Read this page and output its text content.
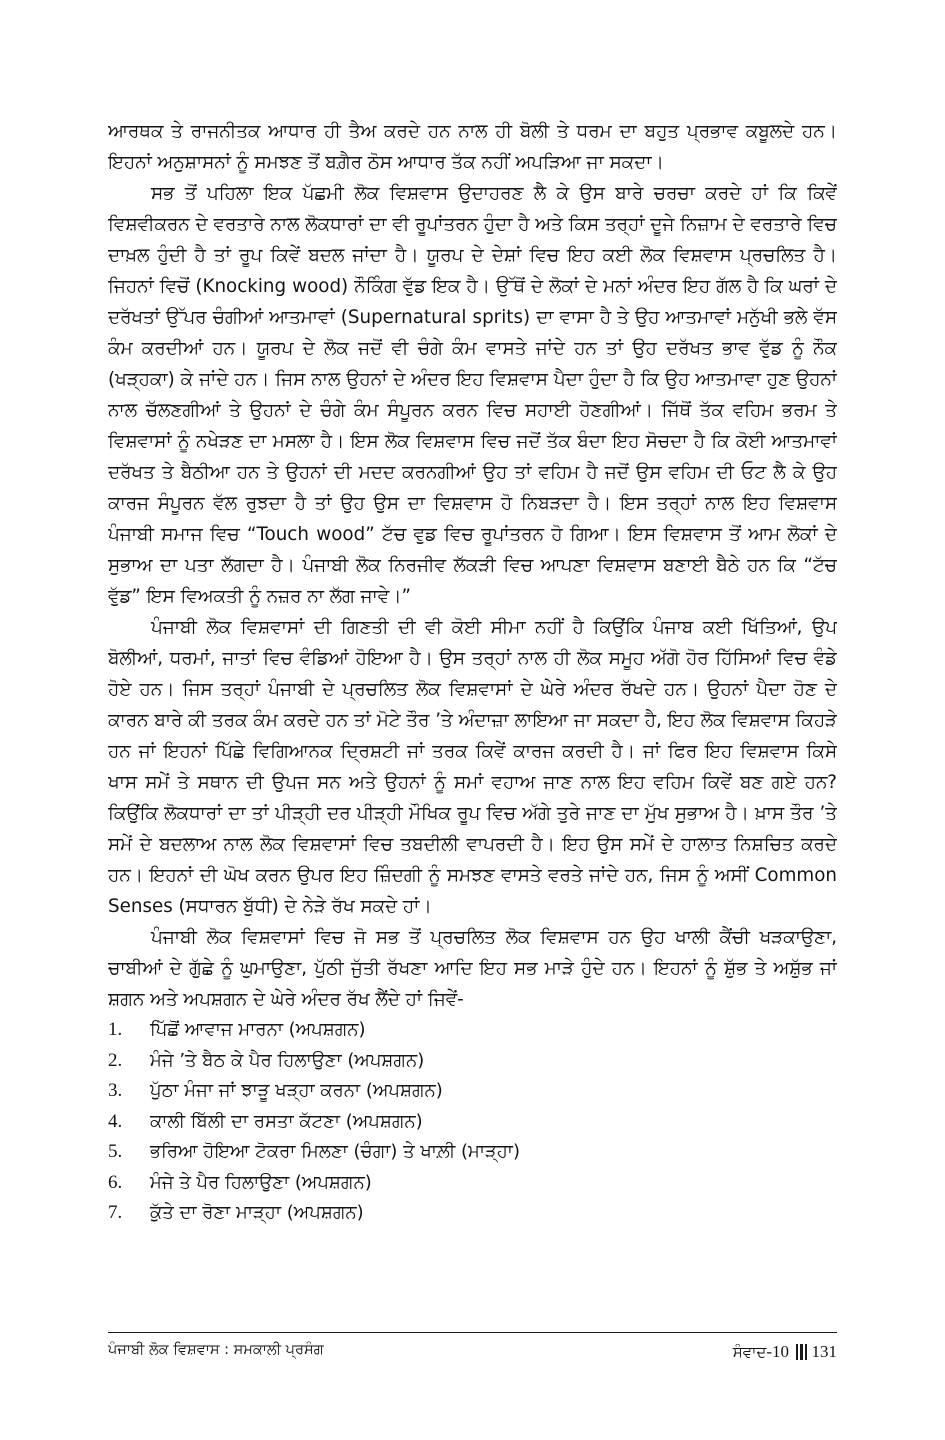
ਆਰਥਕ ਤੇ ਰਾਜਨੀਤਕ ਆਧਾਰ ਹੀ ਤੈਅ ਕਰਦੇ ਹਨ ਨਾਲ ਹੀ ਬੋਲੀ ਤੇ ਧਰਮ ਦਾ ਬਹੁਤ ਪ੍ਰਭਾਵ ਕਬੂਲਦੇ ਹਨ। ਇਹਨਾਂ ਅਨੁਸ਼ਾਸਨਾਂ ਨੂੰ ਸਮਝਣ ਤੋਂ ਬਗ਼ੈਰ ਠੋਸ ਆਧਾਰ ਤੱਕ ਨਹੀਂ ਅਪੜਿਆ ਜਾ ਸਕਦਾ।

ਸਭ ਤੋਂ ਪਹਿਲਾ ਇਕ ਪੱਛਮੀ ਲੋਕ ਵਿਸ਼ਵਾਸ ਉਦਾਹਰਣ ਲੈ ਕੇ ਉਸ ਬਾਰੇ ਚਰਚਾ ਕਰਦੇ ਹਾਂ ਕਿ ਕਿਵੇਂ ਵਿਸ਼ਵੀਕਰਨ ਦੇ ਵਰਤਾਰੇ ਨਾਲ ਲੋਕਧਾਰਾਂ ਦਾ ਵੀ ਰੂਪਾਂਤਰਨ ਹੁੰਦਾ ਹੈ ਅਤੇ ਕਿਸ ਤਰ੍ਹਾਂ ਦੂਜੇ ਨਿਜ਼ਾਮ ਦੇ ਵਰਤਾਰੇ ਵਿਚ ਦਾਖ਼ਲ ਹੁੰਦੀ ਹੈ ਤਾਂ ਰੂਪ ਕਿਵੇਂ ਬਦਲ ਜਾਂਦਾ ਹੈ। ਯੂਰਪ ਦੇ ਦੇਸ਼ਾਂ ਵਿਚ ਇਹ ਕਈ ਲੋਕ ਵਿਸ਼ਵਾਸ ਪ੍ਰਚਲਿਤ ਹੈ। ਜਿਹਨਾਂ ਵਿਚੋਂ (Knocking wood) ਨੌਕਿੰਗ ਵੁੱਡ ਇਕ ਹੈ। ਉੱਥੋਂ ਦੇ ਲੋਕਾਂ ਦੇ ਮਨਾਂ ਅੰਦਰ ਇਹ ਗੱਲ ਹੈ ਕਿ ਘਰਾਂ ਦੇ ਦਰੱਖਤਾਂ ਉੱਪਰ ਚੰਗੀਆਂ ਆਤਮਾਵਾਂ (Supernatural sprits) ਦਾ ਵਾਸਾ ਹੈ ਤੇ ਉਹ ਆਤਮਾਵਾਂ ਮਨੁੱਖੀ ਭਲੇ ਵੱਸ ਕੰਮ ਕਰਦੀਆਂ ਹਨ। ਯੂਰਪ ਦੇ ਲੋਕ ਜਦੋਂ ਵੀ ਚੰਗੇ ਕੰਮ ਵਾਸਤੇ ਜਾਂਦੇ ਹਨ ਤਾਂ ਉਹ ਦਰੱਖਤ ਭਾਵ ਵੁੱਡ ਨੂੰ ਨੌਕ (ਖੜ੍ਹਕਾ) ਕੇ ਜਾਂਦੇ ਹਨ। ਜਿਸ ਨਾਲ ਉਹਨਾਂ ਦੇ ਅੰਦਰ ਇਹ ਵਿਸ਼ਵਾਸ ਪੈਦਾ ਹੁੰਦਾ ਹੈ ਕਿ ਉਹ ਆਤਮਾਵਾ ਹੁਣ ਉਹਨਾਂ ਨਾਲ ਚੱਲਣਗੀਆਂ ਤੇ ਉਹਨਾਂ ਦੇ ਚੰਗੇ ਕੰਮ ਸੰਪੂਰਨ ਕਰਨ ਵਿਚ ਸਹਾਈ ਹੋਣਗੀਆਂ। ਜਿੱਥੋਂ ਤੱਕ ਵਹਿਮ ਭਰਮ ਤੇ ਵਿਸ਼ਵਾਸਾਂ ਨੂੰ ਨਖੇੜਣ ਦਾ ਮਸਲਾ ਹੈ। ਇਸ ਲੋਕ ਵਿਸ਼ਵਾਸ ਵਿਚ ਜਦੋਂ ਤੱਕ ਬੰਦਾ ਇਹ ਸੋਚਦਾ ਹੈ ਕਿ ਕੋਈ ਆਤਮਾਵਾਂ ਦਰੱਖਤ ਤੇ ਬੈਠੀਆ ਹਨ ਤੇ ਉਹਨਾਂ ਦੀ ਮਦਦ ਕਰਨਗੀਆਂ ਉਹ ਤਾਂ ਵਹਿਮ ਹੈ ਜਦੋਂ ਉਸ ਵਹਿਮ ਦੀ ਓਟ ਲੈ ਕੇ ਉਹ ਕਾਰਜ ਸੰਪੂਰਨ ਵੱਲ ਰੁਝਦਾ ਹੈ ਤਾਂ ਉਹ ਉਸ ਦਾ ਵਿਸ਼ਵਾਸ ਹੋ ਨਿਬੜਦਾ ਹੈ। ਇਸ ਤਰ੍ਹਾਂ ਨਾਲ ਇਹ ਵਿਸ਼ਵਾਸ ਪੰਜਾਬੀ ਸਮਾਜ ਵਿਚ “Touch wood” ਟੱਚ ਵੁਡ ਵਿਚ ਰੂਪਾਂਤਰਨ ਹੋ ਗਿਆ। ਇਸ ਵਿਸ਼ਵਾਸ ਤੋਂ ਆਮ ਲੋਕਾਂ ਦੇ ਸੁਭਾਅ ਦਾ ਪਤਾ ਲੱਗਦਾ ਹੈ। ਪੰਜਾਬੀ ਲੋਕ ਨਿਰਜੀਵ ਲੱਕੜੀ ਵਿਚ ਆਪਣਾ ਵਿਸ਼ਵਾਸ ਬਣਾਈ ਬੈਠੇ ਹਨ ਕਿ “ਟੱਚ ਵੁੱਡ” ਇਸ ਵਿਅਕਤੀ ਨੂੰ ਨਜ਼ਰ ਨਾ ਲੱਗ ਜਾਵੇ।”

ਪੰਜਾਬੀ ਲੋਕ ਵਿਸ਼ਵਾਸਾਂ ਦੀ ਗਿਣਤੀ ਦੀ ਵੀ ਕੋਈ ਸੀਮਾ ਨਹੀਂ ਹੈ ਕਿਉਂਕਿ ਪੰਜਾਬ ਕਈ ਖਿੱਤਿਆਂ, ਉਪ ਬੋਲੀਆਂ, ਧਰਮਾਂ, ਜਾਤਾਂ ਵਿਚ ਵੰਡਿਆਂ ਹੋਇਆ ਹੈ। ਉਸ ਤਰ੍ਹਾਂ ਨਾਲ ਹੀ ਲੋਕ ਸਮੂਹ ਅੱਗੋ ਹੋਰ ਹਿੱਸਿਆਂ ਵਿਚ ਵੰਡੇ ਹੋਏ ਹਨ। ਜਿਸ ਤਰ੍ਹਾਂ ਪੰਜਾਬੀ ਦੇ ਪ੍ਰਚਲਿਤ ਲੋਕ ਵਿਸ਼ਵਾਸਾਂ ਦੇ ਘੇਰੇ ਅੰਦਰ ਰੱਖਦੇ ਹਨ। ਉਹਨਾਂ ਪੈਦਾ ਹੋਣ ਦੇ ਕਾਰਨ ਬਾਰੇ ਕੀ ਤਰਕ ਕੰਮ ਕਰਦੇ ਹਨ ਤਾਂ ਮੋਟੇ ਤੌਰ ’ਤੇ ਅੰਦਾਜ਼ਾ ਲਾਇਆ ਜਾ ਸਕਦਾ ਹੈ, ਇਹ ਲੋਕ ਵਿਸ਼ਵਾਸ ਕਿਹੜੇ ਹਨ ਜਾਂ ਇਹਨਾਂ ਪਿੱਛੇ ਵਿਗਿਆਨਕ ਦ੍ਰਿਸ਼ਟੀ ਜਾਂ ਤਰਕ ਕਿਵੇਂ ਕਾਰਜ ਕਰਦੀ ਹੈ। ਜਾਂ ਫਿਰ ਇਹ ਵਿਸ਼ਵਾਸ ਕਿਸੇ ਖਾਸ ਸਮੇਂ ਤੇ ਸਥਾਨ ਦੀ ਉਪਜ ਸਨ ਅਤੇ ਉਹਨਾਂ ਨੂੰ ਸਮਾਂ ਵਹਾਅ ਜਾਣ ਨਾਲ ਇਹ ਵਹਿਮ ਕਿਵੇਂ ਬਣ ਗਏ ਹਨ? ਕਿਉਂਕਿ ਲੋਕਧਾਰਾਂ ਦਾ ਤਾਂ ਪੀੜ੍ਹੀ ਦਰ ਪੀੜ੍ਹੀ ਮੌਖਿਕ ਰੂਪ ਵਿਚ ਅੱਗੇ ਤੁਰੇ ਜਾਣ ਦਾ ਮੁੱਖ ਸੁਭਾਅ ਹੈ। ਖ਼ਾਸ ਤੌਰ ’ਤੇ ਸਮੇਂ ਦੇ ਬਦਲਾਅ ਨਾਲ ਲੋਕ ਵਿਸ਼ਵਾਸਾਂ ਵਿਚ ਤਬਦੀਲੀ ਵਾਪਰਦੀ ਹੈ। ਇਹ ਉਸ ਸਮੇਂ ਦੇ ਹਾਲਾਤ ਨਿਸ਼ਚਿਤ ਕਰਦੇ ਹਨ। ਇਹਨਾਂ ਦੀ ਘੋਖ ਕਰਨ ਉਪਰ ਇਹ ਜ਼ਿੰਦਗੀ ਨੂੰ ਸਮਝਣ ਵਾਸਤੇ ਵਰਤੇ ਜਾਂਦੇ ਹਨ, ਜਿਸ ਨੂੰ ਅਸੀਂ Common Senses (ਸਧਾਰਨ ਬੁੱਧੀ) ਦੇ ਨੇੜੇ ਰੱਖ ਸਕਦੇ ਹਾਂ।

ਪੰਜਾਬੀ ਲੋਕ ਵਿਸ਼ਵਾਸਾਂ ਵਿਚ ਜੋ ਸਭ ਤੋਂ ਪ੍ਰਚਲਿਤ ਲੋਕ ਵਿਸ਼ਵਾਸ ਹਨ ਉਹ ਖਾਲੀ ਕੈਂਚੀ ਖੜਕਾਉਣਾ, ਚਾਬੀਆਂ ਦੇ ਗੁੱਛੇ ਨੂੰ ਘੁਮਾਉਣਾ, ਪੁੱਠੀ ਜੁੱਤੀ ਰੱਖਣਾ ਆਦਿ ਇਹ ਸਭ ਮਾੜੇ ਹੁੰਦੇ ਹਨ। ਇਹਨਾਂ ਨੂੰ ਸ਼ੁੱਭ ਤੇ ਅਸ਼ੁੱਭ ਜਾਂ ਸ਼ਗਨ ਅਤੇ ਅਪਸ਼ਗਨ ਦੇ ਘੇਰੇ ਅੰਦਰ ਰੱਖ ਲੈਂਦੇ ਹਾਂ ਜਿਵੇਂ-

1.	ਪਿੱਛੋਂ ਆਵਾਜ ਮਾਰਨਾ (ਅਪਸ਼ਗਨ)
2.	ਮੰਜੇ ’ਤੇ ਬੈਠ ਕੇ ਪੈਰ ਹਿਲਾਉਣਾ (ਅਪਸ਼ਗਨ)
3.	ਪੁੱਠਾ ਮੰਜਾ ਜਾਂ ਝਾੜੂ ਖੜ੍ਹਾ ਕਰਨਾ (ਅਪਸ਼ਗਨ)
4.	ਕਾਲੀ ਬਿੱਲੀ ਦਾ ਰਸਤਾ ਕੱਟਣਾ (ਅਪਸ਼ਗਨ)
5.	ਭਰਿਆ ਹੋਇਆ ਟੋਕਰਾ ਮਿਲਣਾ (ਚੰਗਾ) ਤੇ ਖਾਲ਼ੀ (ਮਾੜ੍ਹਾ)
6.	ਮੰਜੇ ਤੇ ਪੈਰ ਹਿਲਾਉਣਾ (ਅਪਸ਼ਗਨ)
7.	ਕੁੱਤੇ ਦਾ ਰੋਣਾ ਮਾੜ੍ਹਾ (ਅਪਸ਼ਗਨ)
ਪੰਜਾਬੀ ਲੋਕ ਵਿਸ਼ਵਾਸ : ਸਮਕਾਲੀ ਪ੍ਰਸੰਗ	ਸੰਵਾਦ -10 131
